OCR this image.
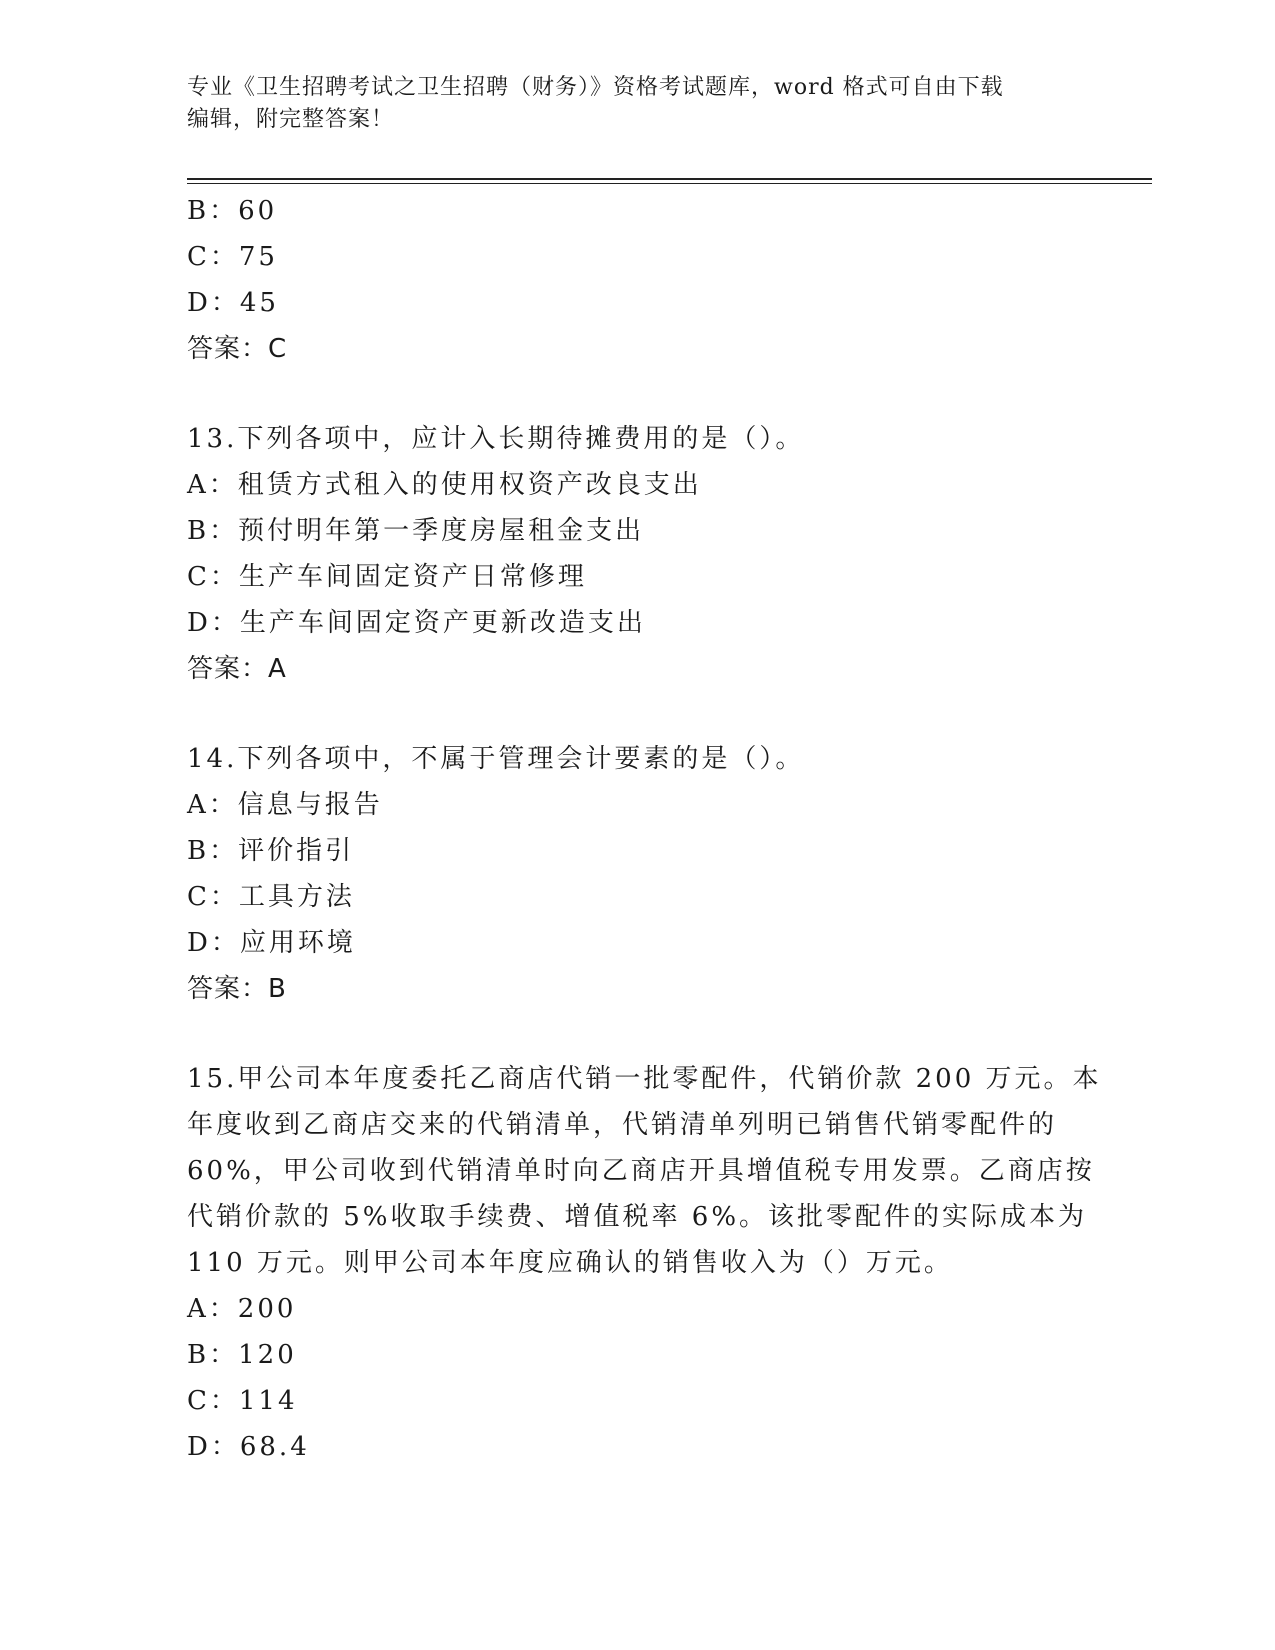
专业《卫生招聘考试之卫生招聘（财务）》资格考试题库，word 格式可自由下载
编辑，附完整答案！
B：60
C：75
D：45
答案：C
13.下列各项中，应计入长期待摊费用的是（）。
A：租赁方式租入的使用权资产改良支出
B：预付明年第一季度房屋租金支出
C：生产车间固定资产日常修理
D：生产车间固定资产更新改造支出
答案：A
14.下列各项中，不属于管理会计要素的是（）。
A：信息与报告
B：评价指引
C：工具方法
D：应用环境
答案：B
15.甲公司本年度委托乙商店代销一批零配件，代销价款 200 万元。本
年度收到乙商店交来的代销清单，代销清单列明已销售代销零配件的
60%，甲公司收到代销清单时向乙商店开具增值税专用发票。乙商店按
代销价款的 5%收取手续费、增值税率 6%。该批零配件的实际成本为
110 万元。则甲公司本年度应确认的销售收入为（）万元。
A：200
B：120
C：114
D：68.4
